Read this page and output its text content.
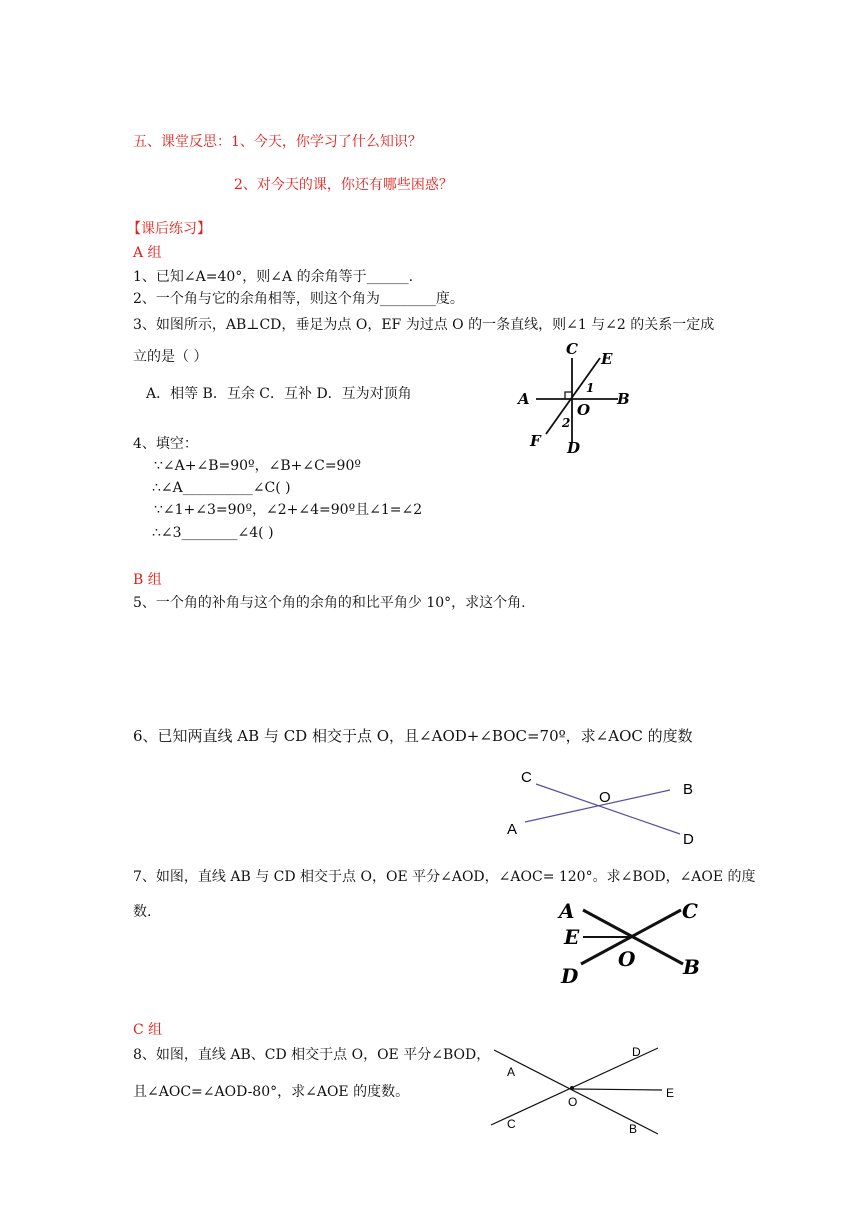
五、课堂反思：1、今天，你学习了什么知识？
2、对今天的课，你还有哪些困惑？
【课后练习】
A 组
1、已知∠A=40°，则∠A 的余角等于______.
2、一个角与它的余角相等，则这个角为________度。
3、如图所示，AB⊥CD，垂足为点 O，EF 为过点 O 的一条直线，则∠1 与∠2 的关系一定成
立的是（ ）
A．相等 B．互余 C．互补 D．互为对顶角
C
E
A	B
O
1
2
F D
4、填空：
∵∠A+∠B=90º，∠B+∠C=90º
∴∠A__________∠C( )
∵∠1+∠3=90º，∠2+∠4=90º且∠1=∠2
∴∠3________∠4( )
B 组
5、一个角的补角与这个角的余角的和比平角少 10°，求这个角.
6、已知两直线 AB 与 CD 相交于点 O，且∠AOD+∠BOC=70º，求∠AOC 的度数
C
O	B
A
D
7、如图，直线 AB 与 CD 相交于点 O，OE 平分∠AOD，∠AOC= 120°。求∠BOD，∠AOE 的度
数.	A	C
E
O
D	B
C 组
8、如图，直线 AB、CD 相交于点 O，OE 平分∠BOD，
且∠AOC=∠AOD-80°，求∠AOE 的度数。
A
D
E
O
C	B
